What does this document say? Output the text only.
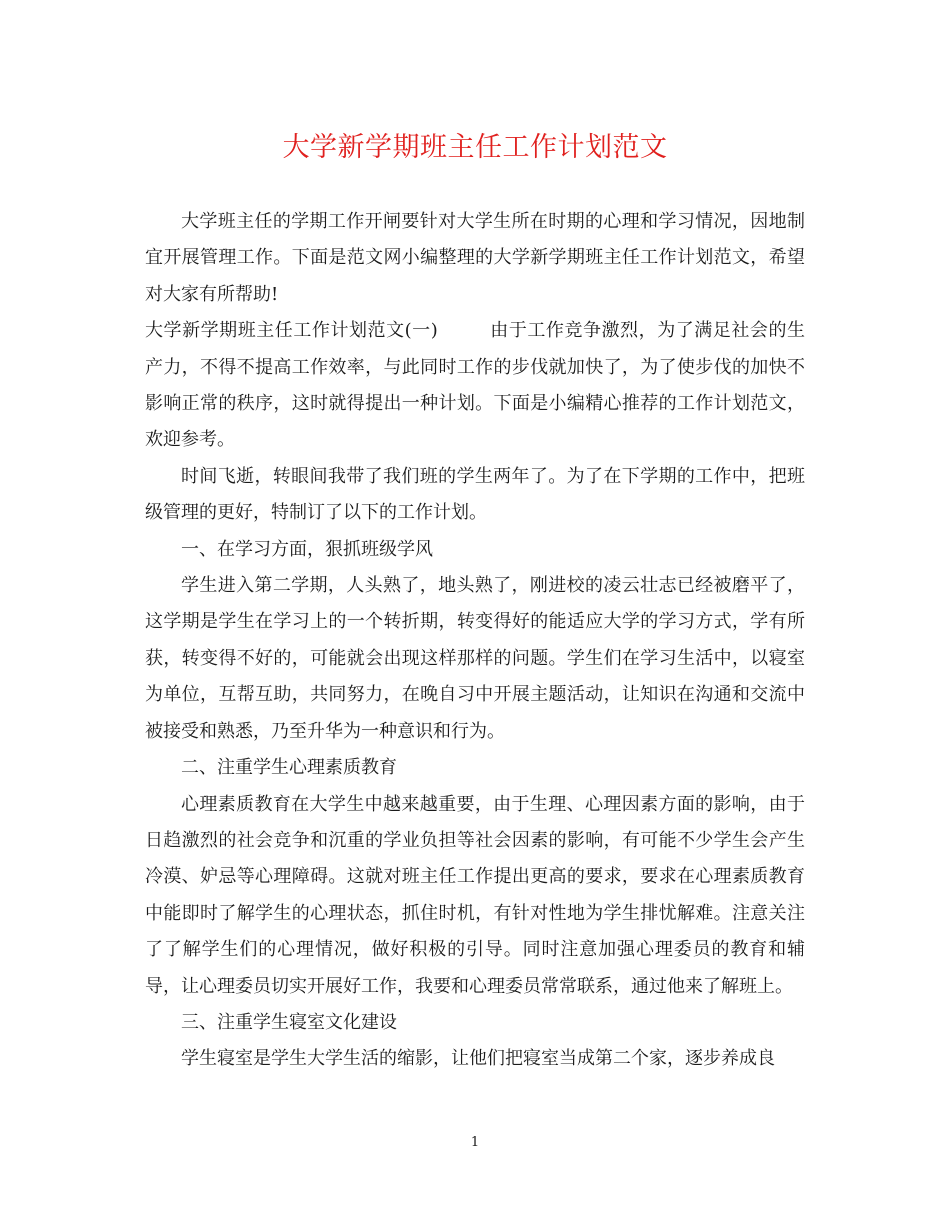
大学新学期班主任工作计划范文

大学班主任的学期工作开闸要针对大学生所在时期的心理和学习情况，因地制宜开展管理工作。下面是范文网小编整理的大学新学期班主任工作计划范文，希望对大家有所帮助!

大学新学期班主任工作计划范文(一)	由于工作竞争激烈，为了满足社会的生产力，不得不提高工作效率，与此同时工作的步伐就加快了，为了使步伐的加快不影响正常的秩序，这时就得提出一种计划。下面是小编精心推荐的工作计划范文，欢迎参考。

时间飞逝，转眼间我带了我们班的学生两年了。为了在下学期的工作中，把班级管理的更好，特制订了以下的工作计划。

一、在学习方面，狠抓班级学风

学生进入第二学期，人头熟了，地头熟了，刚进校的凌云壮志已经被磨平了，这学期是学生在学习上的一个转折期，转变得好的能适应大学的学习方式，学有所获，转变得不好的，可能就会出现这样那样的问题。学生们在学习生活中，以寝室为单位，互帮互助，共同努力，在晚自习中开展主题活动，让知识在沟通和交流中被接受和熟悉，乃至升华为一种意识和行为。

二、注重学生心理素质教育

心理素质教育在大学生中越来越重要，由于生理、心理因素方面的影响，由于日趋激烈的社会竞争和沉重的学业负担等社会因素的影响，有可能不少学生会产生冷漠、妒忌等心理障碍。这就对班主任工作提出更高的要求，要求在心理素质教育中能即时了解学生的心理状态，抓住时机，有针对性地为学生排忧解难。注意关注了了解学生们的心理情况，做好积极的引导。同时注意加强心理委员的教育和辅导，让心理委员切实开展好工作，我要和心理委员常常联系，通过他来了解班上。

三、注重学生寝室文化建设

学生寝室是学生大学生活的缩影，让他们把寝室当成第二个家，逐步养成良

1
